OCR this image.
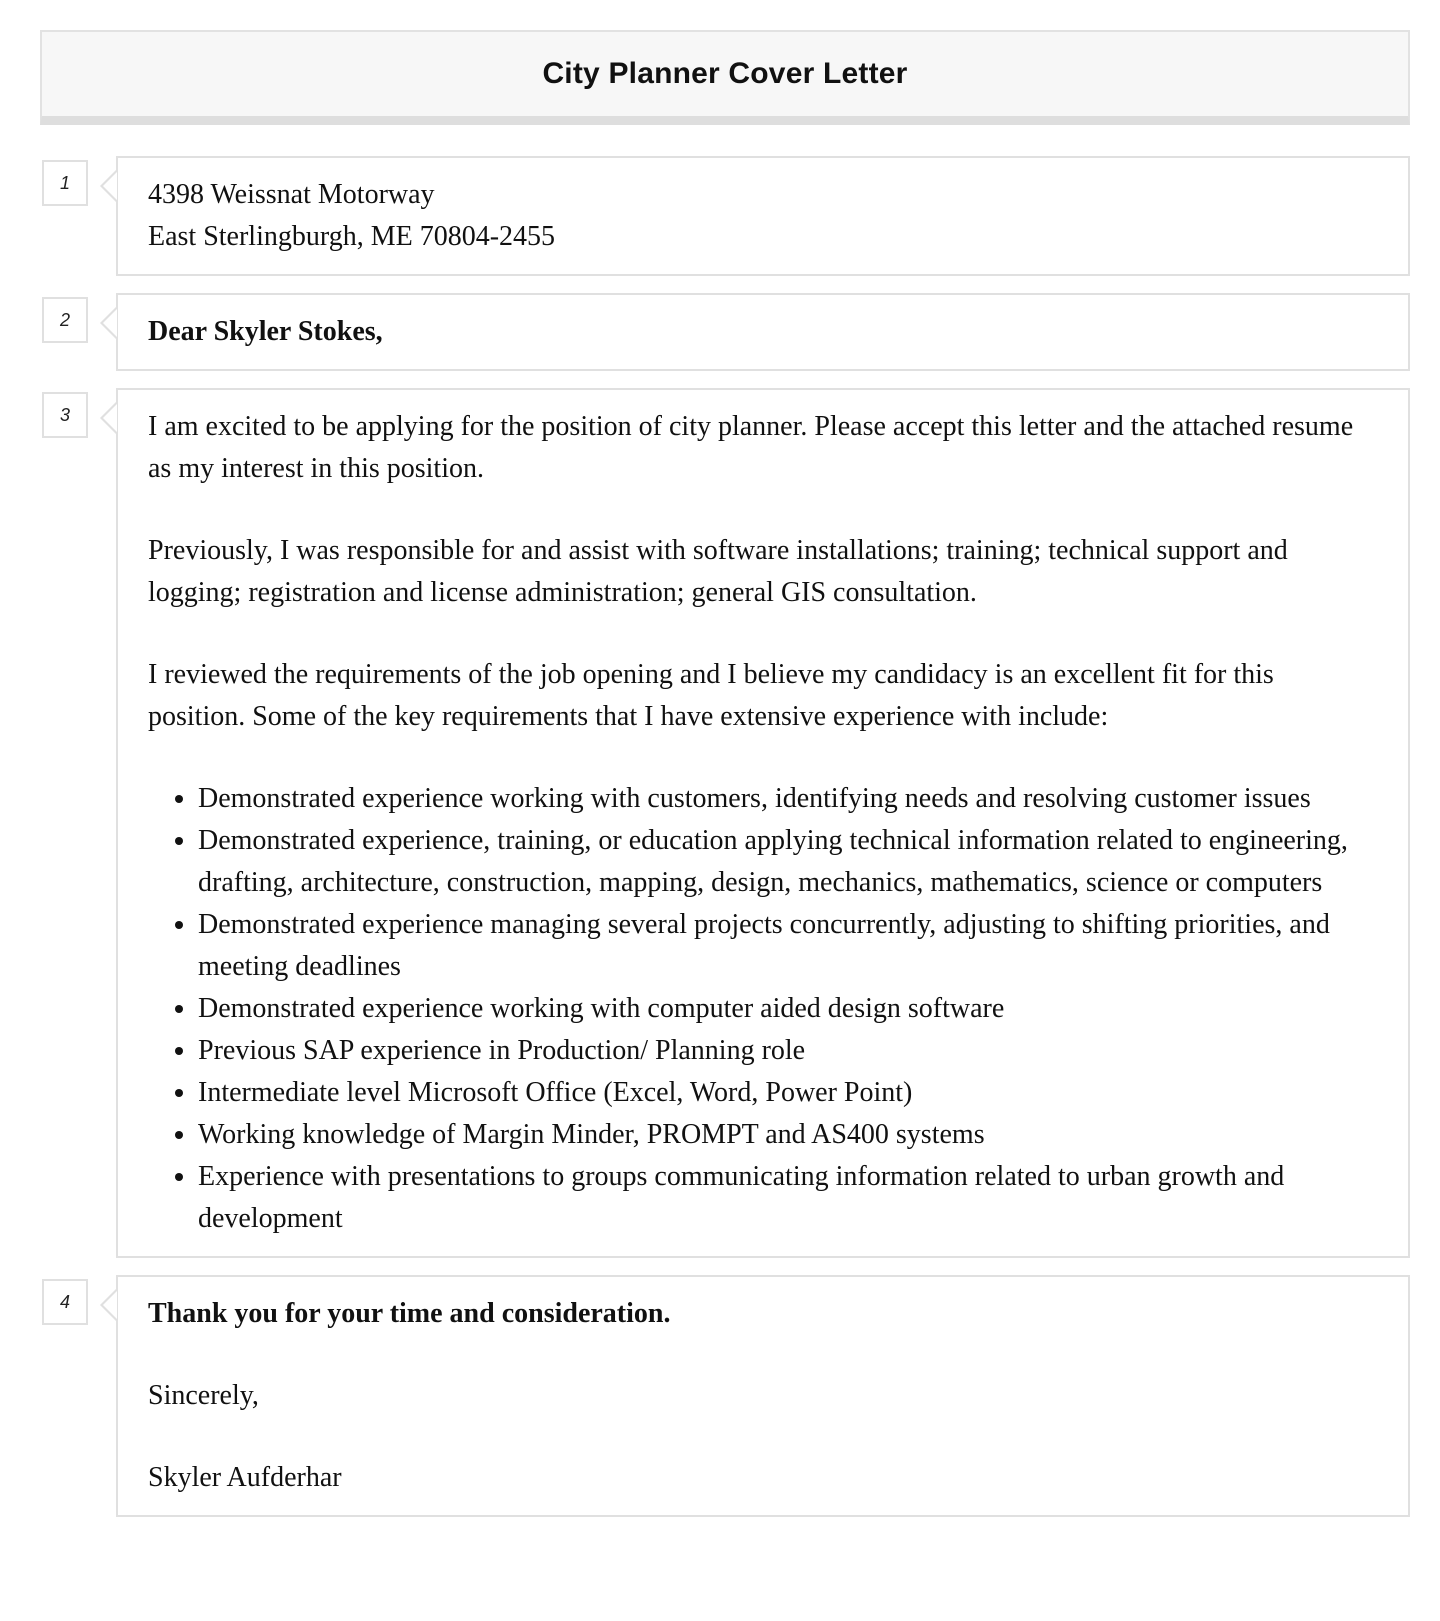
City Planner Cover Letter
1	4398 Weissnat Motorway

East Sterlingburgh, ME 70804-2455

2	Dear Skyler Stokes,

3	I am excited to be applying for the position of city planner. Please accept this letter and the attached resume as my interest in this position.

Previously, I was responsible for and assist with software installations; training; technical support and logging; registration and license administration; general GIS consultation.

I reviewed the requirements of the job opening and I believe my candidacy is an excellent fit for this position. Some of the key requirements that I have extensive experience with include:

• Demonstrated experience working with customers, identifying needs and resolving customer issues
• Demonstrated experience, training, or education applying technical information related to engineering, drafting, architecture, construction, mapping, design, mechanics, mathematics, science or computers
• Demonstrated experience managing several projects concurrently, adjusting to shifting priorities, and meeting deadlines
• Demonstrated experience working with computer aided design software
• Previous SAP experience in Production/ Planning role
• Intermediate level Microsoft Office (Excel, Word, Power Point)
• Working knowledge of Margin Minder, PROMPT and AS400 systems
• Experience with presentations to groups communicating information related to urban growth and development
4	Thank you for your time and consideration.

Sincerely,

Skyler Aufderhar
